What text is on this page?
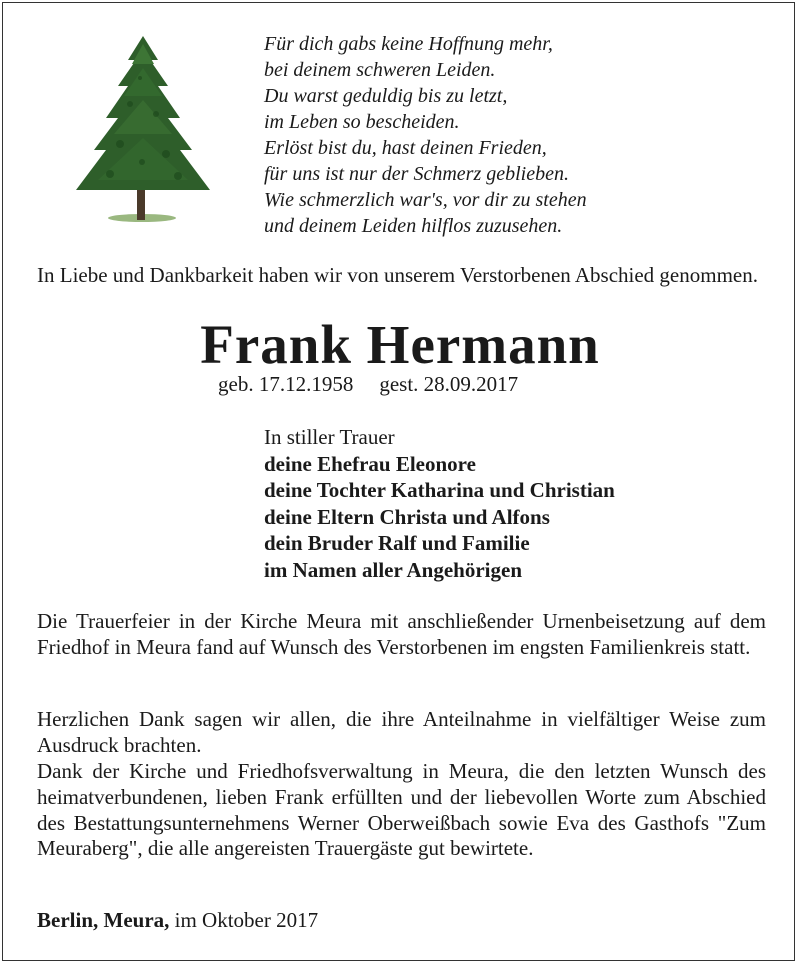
Für dich gabs keine Hoffnung mehr,
bei deinem schweren Leiden.
Du warst geduldig bis zu letzt,
im Leben so bescheiden.
Erlöst bist du, hast deinen Frieden,
für uns ist nur der Schmerz geblieben.
Wie schmerzlich war's, vor dir zu stehen
und deinem Leiden hilflos zuzusehen.
In Liebe und Dankbarkeit haben wir von unserem Verstorbenen Abschied genommen.
Frank Hermann
geb. 17.12.1958 gest. 28.09.2017
In stiller Trauer
deine Ehefrau Eleonore
deine Tochter Katharina und Christian
deine Eltern Christa und Alfons
dein Bruder Ralf und Familie
im Namen aller Angehörigen
Die Trauerfeier in der Kirche Meura mit anschließender Urnenbeisetzung auf dem Friedhof in Meura fand auf Wunsch des Verstorbenen im engsten Familienkreis statt.
Herzlichen Dank sagen wir allen, die ihre Anteilnahme in vielfältiger Weise zum Ausdruck brachten.
Dank der Kirche und Friedhofsverwaltung in Meura, die den letzten Wunsch des heimatverbundenen, lieben Frank erfüllten und der liebevollen Worte zum Abschied des Bestattungsunternehmens Werner Oberweißbach sowie Eva des Gasthofs "Zum Meuraberg", die alle angereisten Trauergäste gut bewirtete.
Berlin, Meura, im Oktober 2017
